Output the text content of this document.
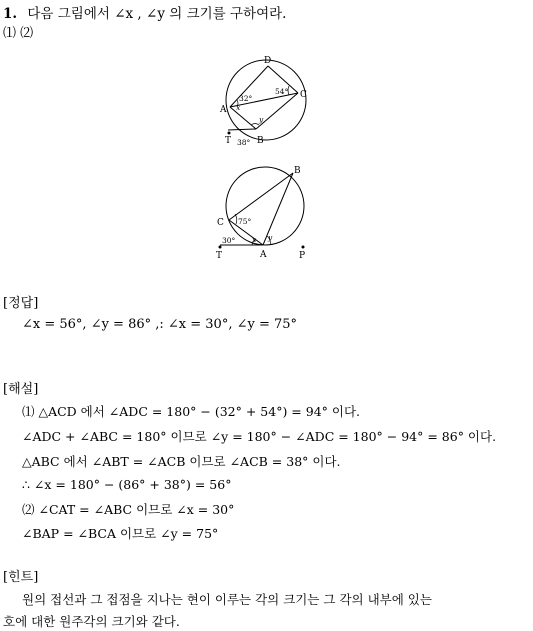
1. 다음 그림에서 ∠x , ∠y 의 크기를 구하여라.
⑴ ⑵
D
C
A
B
T
32°
54°
38°
x
y
B
C
A
T	P
75°
30° x y
[정답]
∠x = 56°, ∠y = 86° ,: ∠x = 30°, ∠y = 75°
[해설]
⑴ △ACD 에서 ∠ADC = 180° − (32° + 54°) = 94° 이다.
∠ADC + ∠ABC = 180° 이므로 ∠y = 180° − ∠ADC = 180° − 94° = 86° 이다.
△ABC 에서 ∠ABT = ∠ACB 이므로 ∠ACB = 38° 이다.
∴ ∠x = 180° − (86° + 38°) = 56°
⑵ ∠CAT = ∠ABC 이므로 ∠x = 30°
∠BAP = ∠BCA 이므로 ∠y = 75°
[힌트]
원의 접선과 그 접점을 지나는 현이 이루는 각의 크기는 그 각의 내부에 있는
호에 대한 원주각의 크기와 같다.
